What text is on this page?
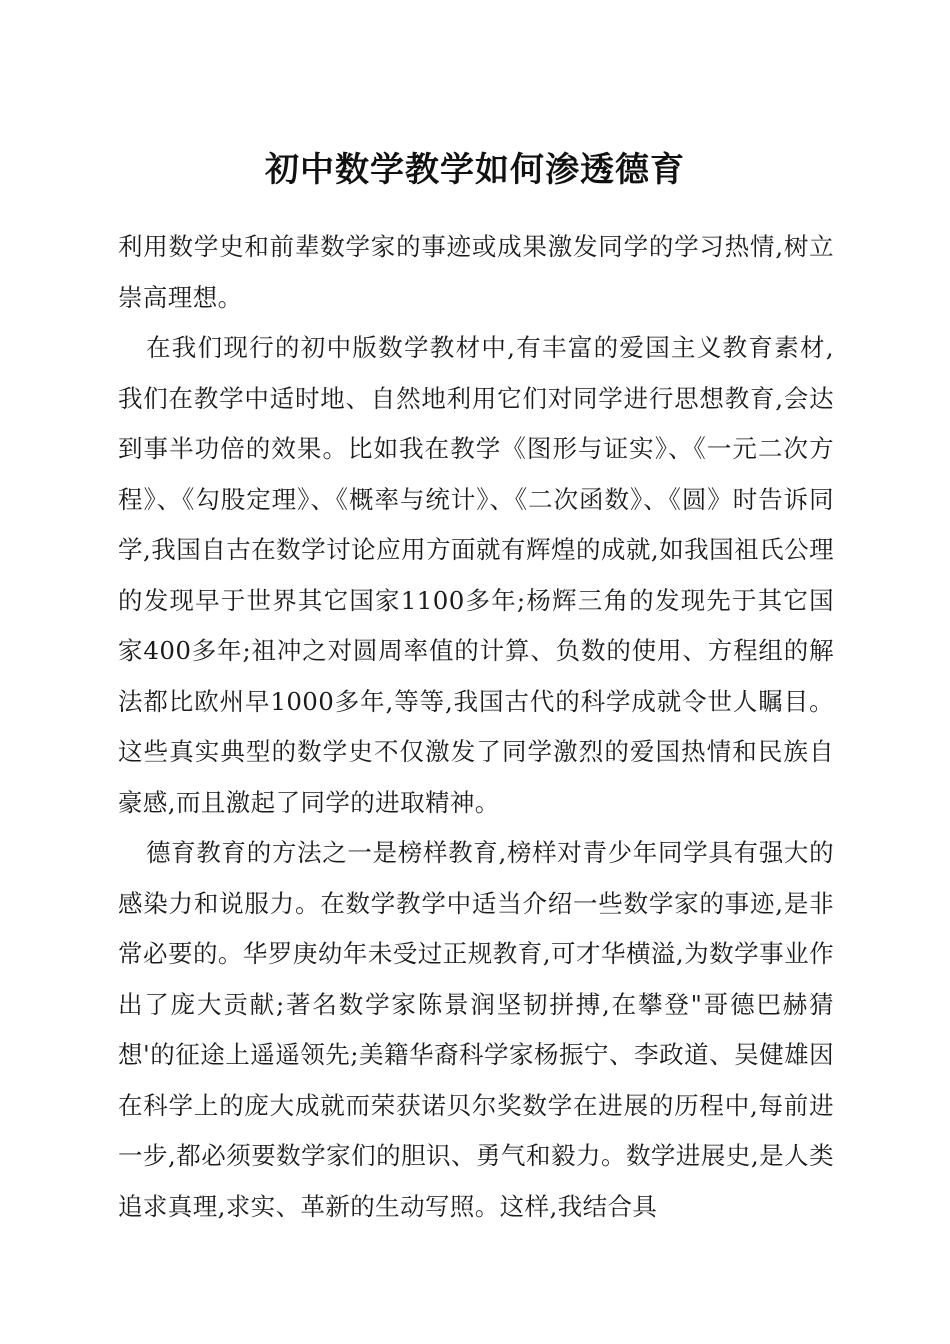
初中数学教学如何渗透德育

利用数学史和前辈数学家的事迹或成果激发同学的学习热情,树立崇高理想。

在我们现行的初中版数学教材中,有丰富的爱国主义教育素材,我们在教学中适时地、自然地利用它们对同学进行思想教育,会达到事半功倍的效果。比如我在教学《图形与证实》、《一元二次方程》、《勾股定理》、《概率与统计》、《二次函数》、《圆》时告诉同学,我国自古在数学讨论应用方面就有辉煌的成就,如我国祖氏公理的发现早于世界其它国家1100多年;杨辉三角的发现先于其它国家400多年;祖冲之对圆周率值的计算、负数的使用、方程组的解法都比欧州早1000多年,等等,我国古代的科学成就令世人瞩目。这些真实典型的数学史不仅激发了同学激烈的爱国热情和民族自豪感,而且激起了同学的进取精神。

德育教育的方法之一是榜样教育,榜样对青少年同学具有强大的感染力和说服力。在数学教学中适当介绍一些数学家的事迹,是非常必要的。华罗庚幼年未受过正规教育,可才华横溢,为数学事业作出了庞大贡献;著名数学家陈景润坚韧拼搏,在攀登"哥德巴赫猜想'的征途上遥遥领先;美籍华裔科学家杨振宁、李政道、吴健雄因在科学上的庞大成就而荣获诺贝尔奖数学在进展的历程中,每前进一步,都必须要数学家们的胆识、勇气和毅力。数学进展史,是人类追求真理,求实、革新的生动写照。这样,我结合具
